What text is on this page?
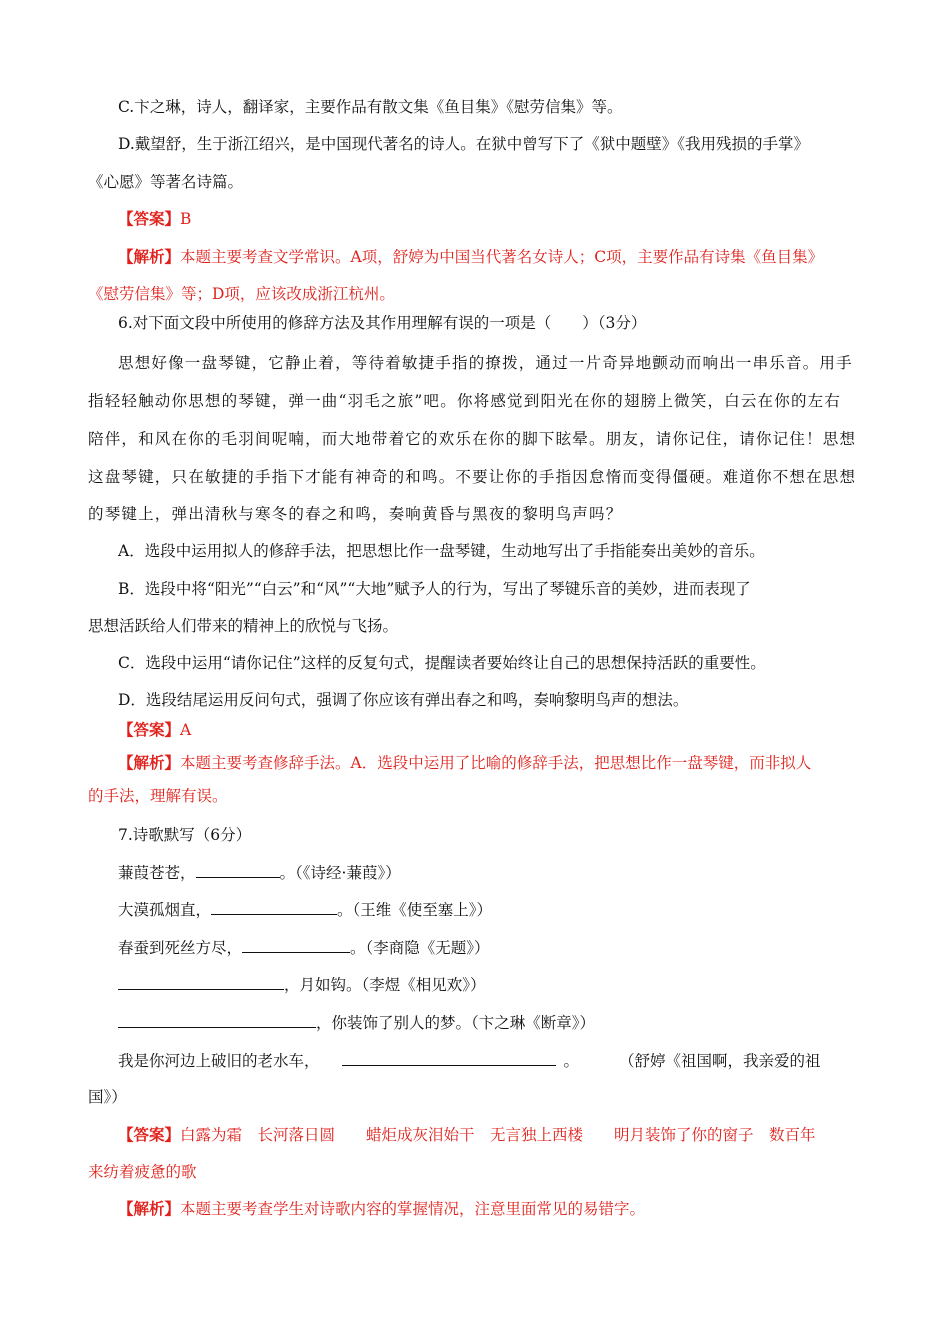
C.卞之琳，诗人，翻译家，主要作品有散文集《鱼目集》《慰劳信集》等。
D.戴望舒，生于浙江绍兴，是中国现代著名的诗人。在狱中曾写下了《狱中题壁》《我用残损的手掌》
《心愿》等著名诗篇。
【答案】B
【解析】本题主要考查文学常识。A项，舒婷为中国当代著名女诗人；C项，主要作品有诗集《鱼目集》
《慰劳信集》等；D项，应该改成浙江杭州。
6.对下面文段中所使用的修辞方法及其作用理解有误的一项是（　　）（3分）
思想好像一盘琴键，它静止着，等待着敏捷手指的撩拨，通过一片奇异地颤动而响出一串乐音。用手
指轻轻触动你思想的琴键，弹一曲“羽毛之旅”吧。你将感觉到阳光在你的翅膀上微笑，白云在你的左右
陪伴，和风在你的毛羽间呢喃，而大地带着它的欢乐在你的脚下眩晕。朋友，请你记住，请你记住！思想
这盘琴键，只在敏捷的手指下才能有神奇的和鸣。不要让你的手指因怠惰而变得僵硬。难道你不想在思想
的琴键上，弹出清秋与寒冬的春之和鸣，奏响黄昏与黑夜的黎明鸟声吗？
A．选段中运用拟人的修辞手法，把思想比作一盘琴键，生动地写出了手指能奏出美妙的音乐。
B．选段中将“阳光”“白云”和“风”“大地”赋予人的行为，写出了琴键乐音的美妙，进而表现了
思想活跃给人们带来的精神上的欣悦与飞扬。
C．选段中运用“请你记住”这样的反复句式，提醒读者要始终让自己的思想保持活跃的重要性。
D．选段结尾运用反问句式，强调了你应该有弹出春之和鸣，奏响黎明鸟声的想法。
【答案】A
【解析】本题主要考查修辞手法。A．选段中运用了比喻的修辞手法，把思想比作一盘琴键，而非拟人
的手法，理解有误。
7.诗歌默写（6分）
蒹葭苍苍，	。（《诗经·蒹葭》）
大漠孤烟直，	。（王维《使至塞上》）
春蚕到死丝方尽，	。（李商隐《无题》）
，月如钩。（李煜《相见欢》）
，你装饰了别人的梦。（卞之琳《断章》）
我是你河边上破旧的老水车，	。	（舒婷《祖国啊，我亲爱的祖
国》）
【答案】白露为霜　长河落日圆　　蜡炬成灰泪始干　无言独上西楼　　明月装饰了你的窗子　数百年
来纺着疲惫的歌
【解析】本题主要考查学生对诗歌内容的掌握情况，注意里面常见的易错字。
